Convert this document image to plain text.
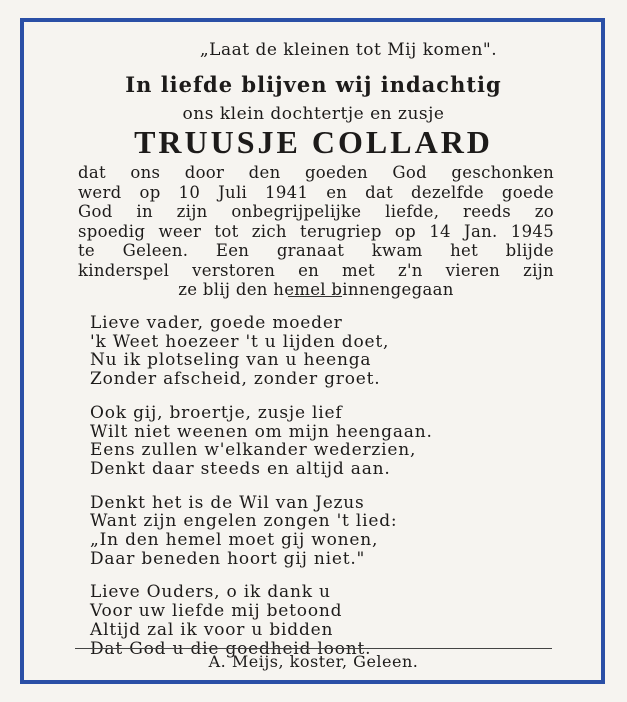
„Laat de kleinen tot Mij komen".
In liefde blijven wij indachtig
ons klein dochtertje en zusje
TRUUSJE COLLARD
dat ons door den goeden God geschonken
werd op 10 Juli 1941 en dat dezelfde goede
God in zijn onbegrijpelijke liefde, reeds zo
spoedig weer tot zich terugriep op 14 Jan. 1945
te Geleen. Een granaat kwam het blijde
kinderspel verstoren en met z'n vieren zijn
ze blij den hemel binnengegaan
Lieve vader, goede moeder
'k Weet hoezeer 't u lijden doet,
Nu ik plotseling van u heenga
Zonder afscheid, zonder groet.
Ook gij, broertje, zusje lief
Wilt niet weenen om mijn heengaan.
Eens zullen w'elkander wederzien,
Denkt daar steeds en altijd aan.
Denkt het is de Wil van Jezus
Want zijn engelen zongen 't lied:
„In den hemel moet gij wonen,
Daar beneden hoort gij niet."
Lieve Ouders, o ik dank u
Voor uw liefde mij betoond
Altijd zal ik voor u bidden
Dat God u die goedheid loont.
A. Meijs, koster, Geleen.
